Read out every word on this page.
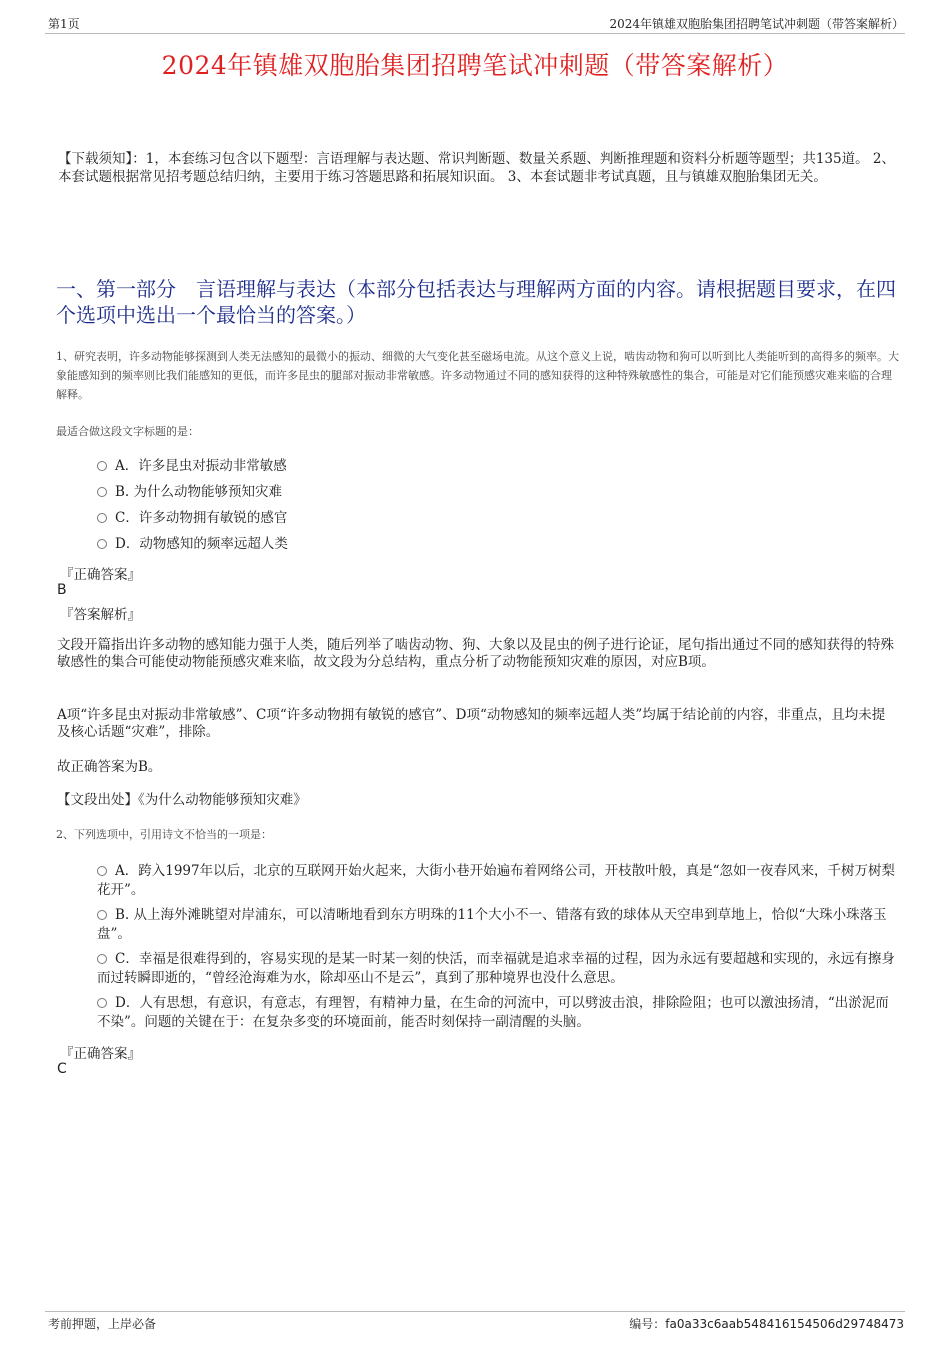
第1页	2024年镇雄双胞胎集团招聘笔试冲刺题（带答案解析）
2024年镇雄双胞胎集团招聘笔试冲刺题（带答案解析）
【下载须知】：1，本套练习包含以下题型：言语理解与表达题、常识判断题、数量关系题、判断推理题和资料分析题等题型；共135道。 2、本套试题根据常见招考题总结归纳，主要用于练习答题思路和拓展知识面。 3、本套试题非考试真题，且与镇雄双胞胎集团无关。
一、第一部分　言语理解与表达（本部分包括表达与理解两方面的内容。请根据题目要求，在四个选项中选出一个最恰当的答案。）
1、研究表明，许多动物能够探测到人类无法感知的最微小的振动、细微的大气变化甚至磁场电流。从这个意义上说，啮齿动物和狗可以听到比人类能听到的高得多的频率。大象能感知到的频率则比我们能感知的更低，而许多昆虫的腿部对振动非常敏感。许多动物通过不同的感知获得的这种特殊敏感性的集合，可能是对它们能预感灾难来临的合理解释。
最适合做这段文字标题的是：
A．许多昆虫对振动非常敏感
B. 为什么动物能够预知灾难
C．许多动物拥有敏锐的感官
D．动物感知的频率远超人类
『正确答案』
B
『答案解析』
文段开篇指出许多动物的感知能力强于人类，随后列举了啮齿动物、狗、大象以及昆虫的例子进行论证，尾句指出通过不同的感知获得的特殊敏感性的集合可能使动物能预感灾难来临，故文段为分总结构，重点分析了动物能预知灾难的原因，对应B项。
A项“许多昆虫对振动非常敏感”、C项“许多动物拥有敏锐的感官”、D项“动物感知的频率远超人类”均属于结论前的内容，非重点，且均未提及核心话题“灾难”，排除。
故正确答案为B。
【文段出处】《为什么动物能够预知灾难》
2、下列选项中，引用诗文不恰当的一项是：
A．跨入1997年以后，北京的互联网开始火起来，大街小巷开始遍布着网络公司，开枝散叶般，真是“忽如一夜春风来，千树万树梨花开”。
B. 从上海外滩眺望对岸浦东，可以清晰地看到东方明珠的11个大小不一、错落有致的球体从天空串到草地上，恰似“大珠小珠落玉盘”。
C．幸福是很难得到的，容易实现的是某一时某一刻的快活，而幸福就是追求幸福的过程，因为永远有要超越和实现的，永远有擦身而过转瞬即逝的，“曾经沧海难为水，除却巫山不是云”，真到了那种境界也没什么意思。
D．人有思想，有意识，有意志，有理智，有精神力量，在生命的河流中，可以劈波击浪，排除险阻；也可以激浊扬清，“出淤泥而不染”。问题的关键在于：在复杂多变的环境面前，能否时刻保持一副清醒的头脑。
『正确答案』
C
考前押题，上岸必备	编号：fa0a33c6aab548416154506d29748473
